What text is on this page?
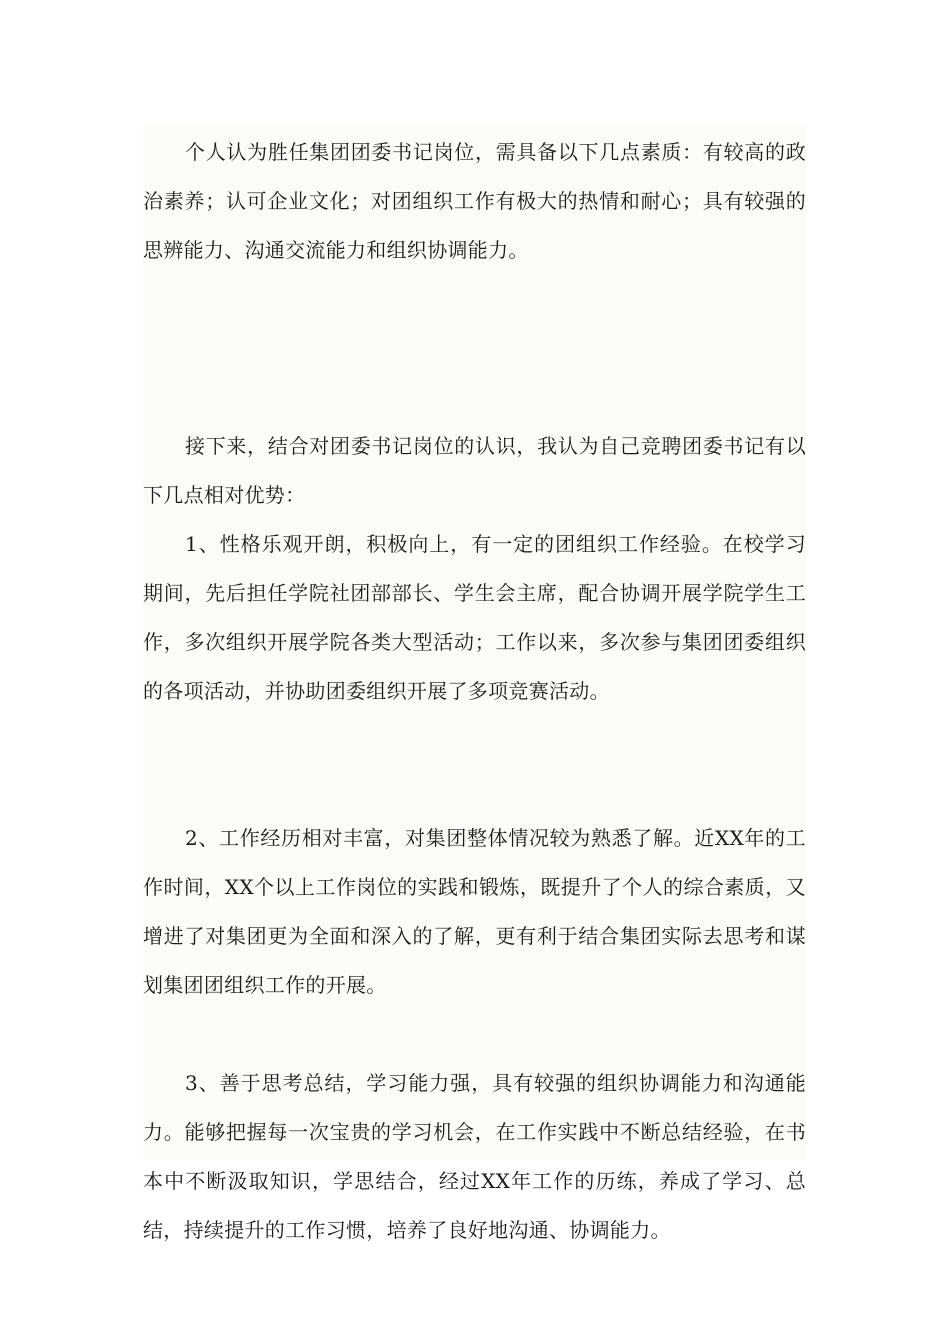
个人认为胜任集团团委书记岗位，需具备以下几点素质：有较高的政治素养；认可企业文化；对团组织工作有极大的热情和耐心；具有较强的思辨能力、沟通交流能力和组织协调能力。

接下来，结合对团委书记岗位的认识，我认为自己竞聘团委书记有以下几点相对优势：

1、性格乐观开朗，积极向上，有一定的团组织工作经验。在校学习期间，先后担任学院社团部部长、学生会主席，配合协调开展学院学生工作，多次组织开展学院各类大型活动；工作以来，多次参与集团团委组织的各项活动，并协助团委组织开展了多项竞赛活动。

2、工作经历相对丰富，对集团整体情况较为熟悉了解。近XX年的工作时间，XX个以上工作岗位的实践和锻炼，既提升了个人的综合素质，又增进了对集团更为全面和深入的了解，更有利于结合集团实际去思考和谋划集团团组织工作的开展。

3、善于思考总结，学习能力强，具有较强的组织协调能力和沟通能力。能够把握每一次宝贵的学习机会，在工作实践中不断总结经验，在书本中不断汲取知识，学思结合，经过XX年工作的历练，养成了学习、总结，持续提升的工作习惯，培养了良好地沟通、协调能力。
